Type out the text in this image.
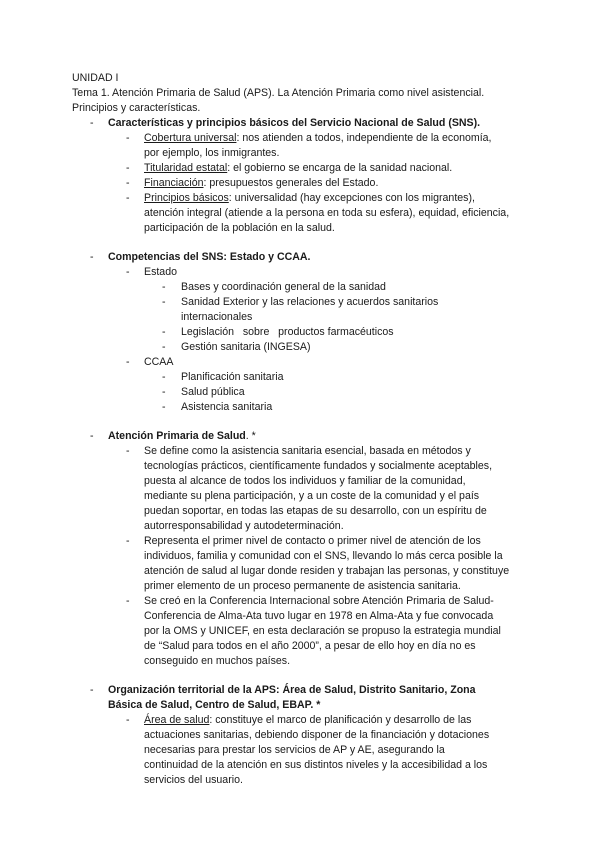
UNIDAD I
Tema 1. Atención Primaria de Salud (APS). La Atención Primaria como nivel asistencial.
Principios y características.
- Características y principios básicos del Servicio Nacional de Salud (SNS).
- Cobertura universal: nos atienden a todos, independiente de la economía,
por ejemplo, los inmigrantes.
- Titularidad estatal: el gobierno se encarga de la sanidad nacional.
- Financiación: presupuestos generales del Estado.
- Principios básicos: universalidad (hay excepciones con los migrantes),
atención integral (atiende a la persona en toda su esfera), equidad, eficiencia,
participación de la población en la salud.
- Competencias del SNS: Estado y CCAA.
- Estado
- Bases y coordinación general de la sanidad
- Sanidad Exterior y las relaciones y acuerdos sanitarios
internacionales
- Legislación   sobre   productos farmacéuticos
- Gestión sanitaria (INGESA)
- CCAA
- Planificación sanitaria
- Salud pública
- Asistencia sanitaria
- Atención Primaria de Salud. *
- Se define como la asistencia sanitaria esencial, basada en métodos y
tecnologías prácticos, científicamente fundados y socialmente aceptables,
puesta al alcance de todos los individuos y familiar de la comunidad,
mediante su plena participación, y a un coste de la comunidad y el país
puedan soportar, en todas las etapas de su desarrollo, con un espíritu de
autorresponsabilidad y autodeterminación.
- Representa el primer nivel de contacto o primer nivel de atención de los
individuos, familia y comunidad con el SNS, llevando lo más cerca posible la
atención de salud al lugar donde residen y trabajan las personas, y constituye
primer elemento de un proceso permanente de asistencia sanitaria.
- Se creó en la Conferencia Internacional sobre Atención Primaria de Salud-
Conferencia de Alma-Ata tuvo lugar en 1978 en Alma-Ata y fue convocada
por la OMS y UNICEF, en esta declaración se propuso la estrategia mundial
de “Salud para todos en el año 2000”, a pesar de ello hoy en día no es
conseguido en muchos países.
- Organización territorial de la APS: Área de Salud, Distrito Sanitario, Zona
Básica de Salud, Centro de Salud, EBAP. *
- Área de salud: constituye el marco de planificación y desarrollo de las
actuaciones sanitarias, debiendo disponer de la financiación y dotaciones
necesarias para prestar los servicios de AP y AE, asegurando la
continuidad de la atención en sus distintos niveles y la accesibilidad a los
servicios del usuario.
